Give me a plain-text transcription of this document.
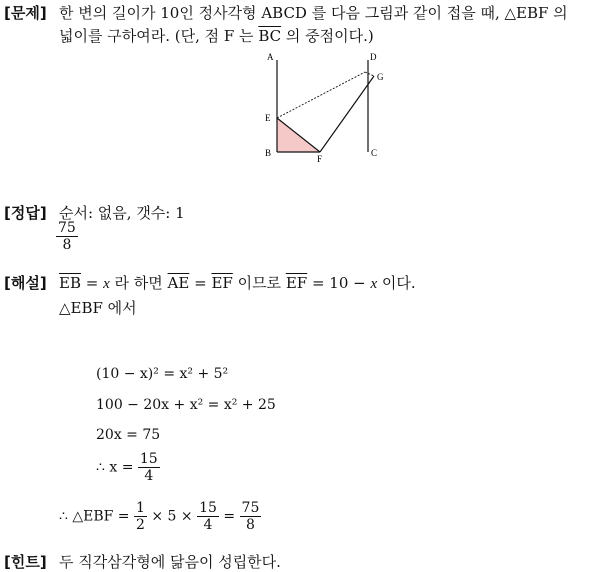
[문제] 한 변의 길이가 10인 정사각형 ABCD 를 다음 그림과 같이 접을 때, △EBF 의
넓이를 구하여라. (단, 점 F 는 $\overline{BC}$ 의 중점이다.)
A	D
G
E
B
F
C
[정답] 순서: 없음, 갯수: 1
$\frac{75}{8}$
[해설] $\overline{EB} = x$ 라 하면 $\overline{AE} = \overline{EF}$ 이므로 $\overline{EF} = 10 - x$ 이다.
△EBF 에서
(10 − x)² = x² + 5²
100 − 20x + x² = x² + 25
20x = 75
∴ $x = \frac{15}{4}$
∴ △EBF = $\frac{1}{2} \times 5 \times \frac{15}{4} = \frac{75}{8}$
[힌트] 두 직각삼각형에 닮음이 성립한다.
